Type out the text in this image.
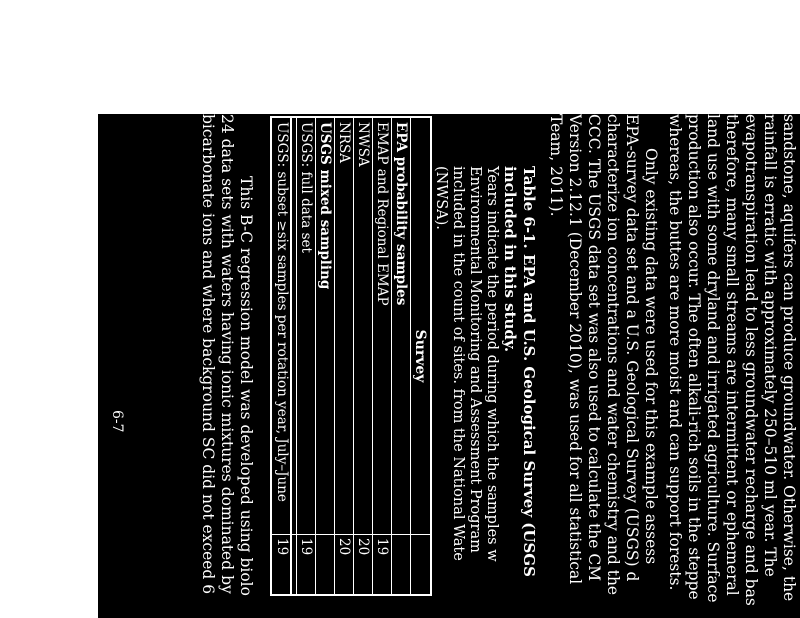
sandstone, aquifers can produce groundwater. Otherwise, the
rainfall is erratic with approximately 250–510 ml year. The
evapotranspiration lead to less groundwater recharge and bas
therefore, many small streams are intermittent or ephemeral
land use with some dryland and irrigated agriculture. Surface
production also occur. The often alkali-rich soils in the steppe
whereas, the buttes are more moist and can support forests.
Only existing data were used for this example assess
EPA-survey data set and a U.S. Geological Survey (USGS) d
characterize ion concentrations and water chemistry and the
CCC. The USGS data set was also used to calculate the CM
Version 2.12.1 (December 2010), was used for all statistical
Team, 2011).
Table 6-1. EPA and U.S. Geological Survey (USGS
included in this study.
Years indicate the period during which the samples w
Environmental Monitoring and Assessment Program
included in the count of sites. from the National Wate
(NWSA).
Survey
EPA probability samples
EMAP and Regional EMAP
19
NWSA
20
NRSA
20
USGS mixed sampling
USGS: full data set
19
USGS: subset ≥six samples per rotation year, July–June
19
This B-C regression model was developed using biolo
24 data sets with waters having ionic mixtures dominated by
bicarbonate ions and where background SC did not exceed 6
6-7
